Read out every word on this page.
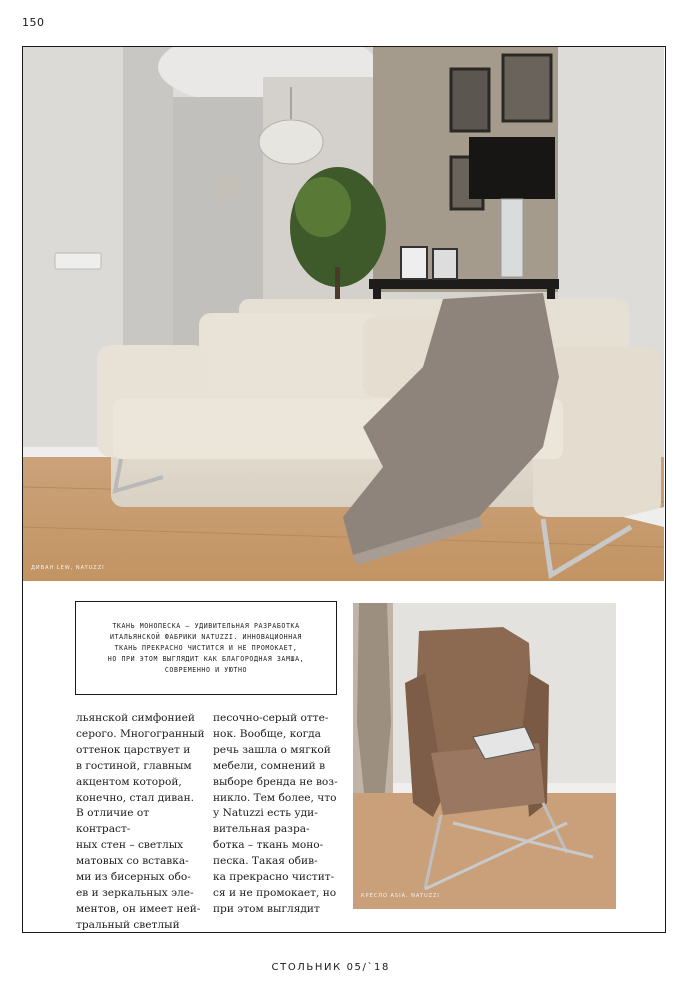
150
ДИВАН LEW, NATUZZI
ТКАНЬ МОНОПЕСКА – УДИВИТЕЛЬНАЯ РАЗРАБОТКА
ИТАЛЬЯНСКОЙ ФАБРИКИ NATUZZI. ИННОВАЦИОННАЯ
ТКАНЬ ПРЕКРАСНО ЧИСТИТСЯ И НЕ ПРОМОКАЕТ,
НО ПРИ ЭТОМ ВЫГЛЯДИТ КАК БЛАГОРОДНАЯ ЗАМША,
СОВРЕМЕННО И УЮТНО

льянской симфонией

серого. Многогранный

оттенок царствует и

в гостиной, главным

акцентом которой,

конечно, стал диван.

В отличие от контраст-

ных стен – светлых

матовых со вставка-

ми из бисерных обо-

ев и зеркальных эле-

ментов, он имеет ней-

тральный светлый

песочно-серый оттe-

нок. Вообще, когда

речь зашла о мягкой

мебели, сомнений в

выборе бренда не воз-

никло. Тем более, что

у Natuzzi есть уди-

вительная разра-

ботка – ткань моно-

песка. Такая обив-

ка прекрасно чистит-

ся и не промокает, но

при этом выглядит

КРЕСЛО ASIA, NATUZZI
СТОЛЬНИК 05/`18
